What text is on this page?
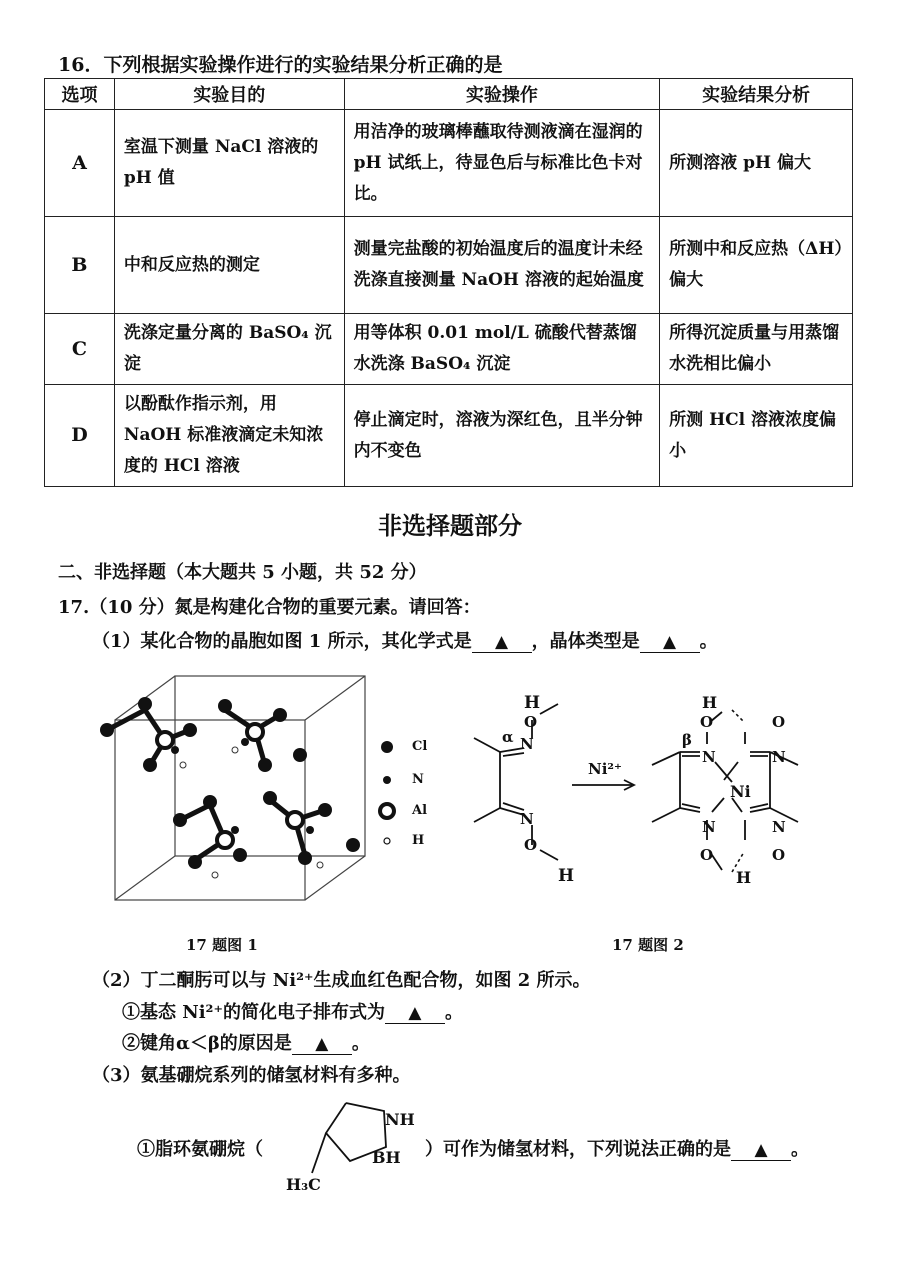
16．下列根据实验操作进行的实验结果分析正确的是
选项	实验目的	实验操作	实验结果分析
A	室温下测量 NaCl 溶液的 pH 值	用洁净的玻璃棒蘸取待测液滴在湿润的 pH 试纸上，待显色后与标准比色卡对比。	所测溶液 pH 偏大
B	中和反应热的测定	测量完盐酸的初始温度后的温度计未经洗涤直接测量 NaOH 溶液的起始温度	所测中和反应热（ΔH）偏大
C	洗涤定量分离的 BaSO₄ 沉淀	用等体积 0.01 mol/L 硫酸代替蒸馏水洗涤 BaSO₄ 沉淀	所得沉淀质量与用蒸馏水洗相比偏小
D	以酚酞作指示剂，用 NaOH 标准液滴定未知浓度的 HCl 溶液	停止滴定时，溶液为深红色，且半分钟内不变色	所测 HCl 溶液浓度偏小
非选择题部分
二、非选择题（本大题共 5 小题，共 52 分）
17.（10 分）氮是构建化合物的重要元素。请回答：
（1）某化合物的晶胞如图 1 所示，其化学式是 ▲ ，晶体类型是 ▲ 。
Cl
N
Al
H
H
N
O
α
N
O
H
Ni²⁺
H
O	O
β
N	N
Ni
N	N
O	O
H
17 题图 1	17 题图 2
（2）丁二酮肟可以与 Ni²⁺生成血红色配合物，如图 2 所示。
①基态 Ni²⁺的简化电子排布式为 ▲ 。
②键角α＜β的原因是 ▲ 。
（3）氨基硼烷系列的储氢材料有多种。
①脂环氨硼烷（
NH
BH
H₃C
）可作为储氢材料，下列说法正确的是 ▲ 。
